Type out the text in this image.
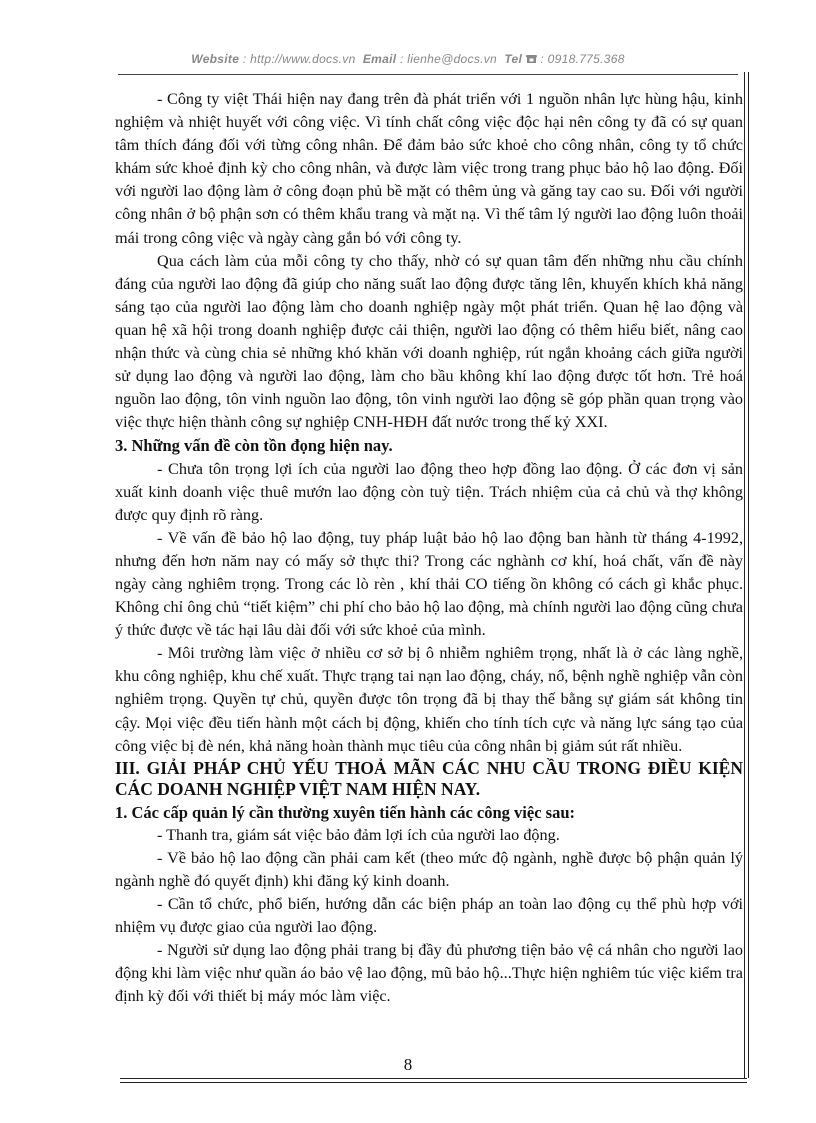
Website : http://www.docs.vn Email : lienhe@docs.vn Tel : 0918.775.368

- Công ty việt Thái hiện nay đang trên đà phát triển với 1 nguồn nhân lực hùng hậu, kinh nghiệm và nhiệt huyết với công việc. Vì tính chất công việc độc hại nên công ty đã có sự quan tâm thích đáng đối với từng công nhân. Để đảm bảo sức khoẻ cho công nhân, công ty tổ chức khám sức khoẻ định kỳ cho công nhân, và được làm việc trong trang phục bảo hộ lao động. Đối với người lao động làm ở công đoạn phủ bề mặt có thêm ủng và găng tay cao su. Đối với người công nhân ở bộ phận sơn có thêm khẩu trang và mặt nạ. Vì thế tâm lý người lao động luôn thoải mái trong công việc và ngày càng gắn bó với công ty.

Qua cách làm của mỗi công ty cho thấy, nhờ có sự quan tâm đến những nhu cầu chính đáng của người lao động đã giúp cho năng suất lao động được tăng lên, khuyến khích khả năng sáng tạo của người lao động làm cho doanh nghiệp ngày một phát triển. Quan hệ lao động và quan hệ xã hội trong doanh nghiệp được cải thiện, người lao động có thêm hiểu biết, nâng cao nhận thức và cùng chia sẻ những khó khăn với doanh nghiệp, rút ngắn khoảng cách giữa người sử dụng lao động và người lao động, làm cho bầu không khí lao động được tốt hơn. Trẻ hoá nguồn lao động, tôn vinh nguồn lao động, tôn vinh người lao động sẽ góp phần quan trọng vào việc thực hiện thành công sự nghiệp CNH-HĐH đất nước trong thế kỷ XXI.

3. Những vấn đề còn tồn đọng hiện nay.

- Chưa tôn trọng lợi ích của người lao động theo hợp đồng lao động. Ở các đơn vị sản xuất kinh doanh việc thuê mướn lao động còn tuỳ tiện. Trách nhiệm của cả chủ và thợ không được quy định rõ ràng.

- Về vấn đề bảo hộ lao động, tuy pháp luật bảo hộ lao động ban hành từ tháng 4-1992, nhưng đến hơn năm nay có mấy sở thực thi? Trong các nghành cơ khí, hoá chất, vấn đề này ngày càng nghiêm trọng. Trong các lò rèn , khí thải CO tiếng ồn không có cách gì khắc phục. Không chỉ ông chủ “tiết kiệm” chi phí cho bảo hộ lao động, mà chính người lao động cũng chưa ý thức được về tác hại lâu dài đối với sức khoẻ của mình.

- Môi trường làm việc ở nhiều cơ sở bị ô nhiễm nghiêm trọng, nhất là ở các làng nghề, khu công nghiệp, khu chế xuất. Thực trạng tai nạn lao động, cháy, nổ, bệnh nghề nghiệp vẫn còn nghiêm trọng. Quyền tự chủ, quyền được tôn trọng đã bị thay thế bằng sự giám sát không tin cậy. Mọi việc đều tiến hành một cách bị động, khiến cho tính tích cực và năng lực sáng tạo của công việc bị đè nén, khả năng hoàn thành mục tiêu của công nhân bị giảm sút rất nhiều.

III. GIẢI PHÁP CHỦ YẾU THOẢ MÃN CÁC NHU CẦU TRONG ĐIỀU KIỆN CÁC DOANH NGHIỆP VIỆT NAM HIỆN NAY.

1. Các cấp quản lý cần thường xuyên tiến hành các công việc sau:

- Thanh tra, giám sát việc bảo đảm lợi ích của người lao động.

- Về bảo hộ lao động cần phải cam kết (theo mức độ ngành, nghề được bộ phận quản lý ngành nghề đó quyết định) khi đăng ký kinh doanh.

- Cần tổ chức, phổ biến, hướng dẫn các biện pháp an toàn lao động cụ thể phù hợp với nhiệm vụ được giao của người lao động.

- Người sử dụng lao động phải trang bị đầy đủ phương tiện bảo vệ cá nhân cho người lao động khi làm việc như quần áo bảo vệ lao động, mũ bảo hộ...Thực hiện nghiêm túc việc kiểm tra định kỳ đối với thiết bị máy móc làm việc.

8
